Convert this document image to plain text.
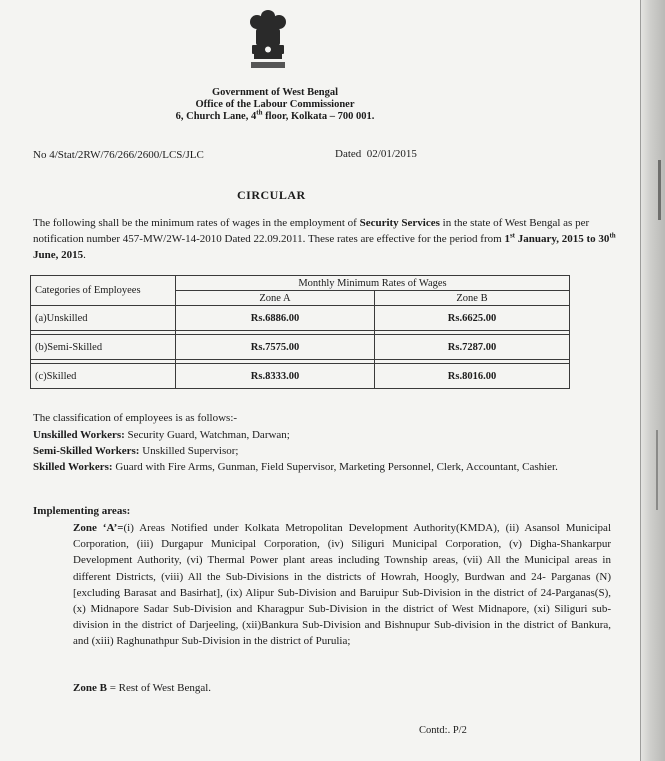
Government of West Bengal
Office of the Labour Commissioner
6, Church Lane, 4th floor, Kolkata – 700 001.
No 4/Stat/2RW/76/266/2600/LCS/JLC	Dated 02/01/2015
CIRCULAR
The following shall be the minimum rates of wages in the employment of Security Services in the state of West Bengal as per notification number 457-MW/2W-14-2010 Dated 22.09.2011. These rates are effective for the period from 1st January, 2015 to 30th June, 2015.
Categories of Employees	Monthly Minimum Rates of Wages	
	Zone A	Zone B
(a)Unskilled	Rs.6886.00	Rs.6625.00

(b)Semi-Skilled	Rs.7575.00	Rs.7287.00

(c)Skilled	Rs.8333.00	Rs.8016.00
The classification of employees is as follows:-
Unskilled Workers: Security Guard, Watchman, Darwan;
Semi-Skilled Workers: Unskilled Supervisor;
Skilled Workers: Guard with Fire Arms, Gunman, Field Supervisor, Marketing Personnel, Clerk, Accountant, Cashier.
Implementing areas:
Zone ‘A’=(i) Areas Notified under Kolkata Metropolitan Development Authority(KMDA), (ii) Asansol Municipal Corporation, (iii) Durgapur Municipal Corporation, (iv) Siliguri Municipal Corporation, (v) Digha-Shankarpur Development Authority, (vi) Thermal Power plant areas including Township areas, (vii) All the Municipal areas in different Districts, (viii) All the Sub-Divisions in the districts of Howrah, Hoogly, Burdwan and 24- Parganas (N)[excluding Barasat and Basirhat], (ix) Alipur Sub-Division and Baruipur Sub-Division in the district of 24-Parganas(S), (x) Midnapore Sadar Sub-Division and Kharagpur Sub-Division in the district of West Midnapore, (xi) Siliguri sub-division in the district of Darjeeling, (xii)Bankura Sub-Division and Bishnupur Sub-division in the district of Bankura, and (xiii) Raghunathpur Sub-Division in the district of Purulia;
Zone B = Rest of West Bengal.
Contd:. P/2
